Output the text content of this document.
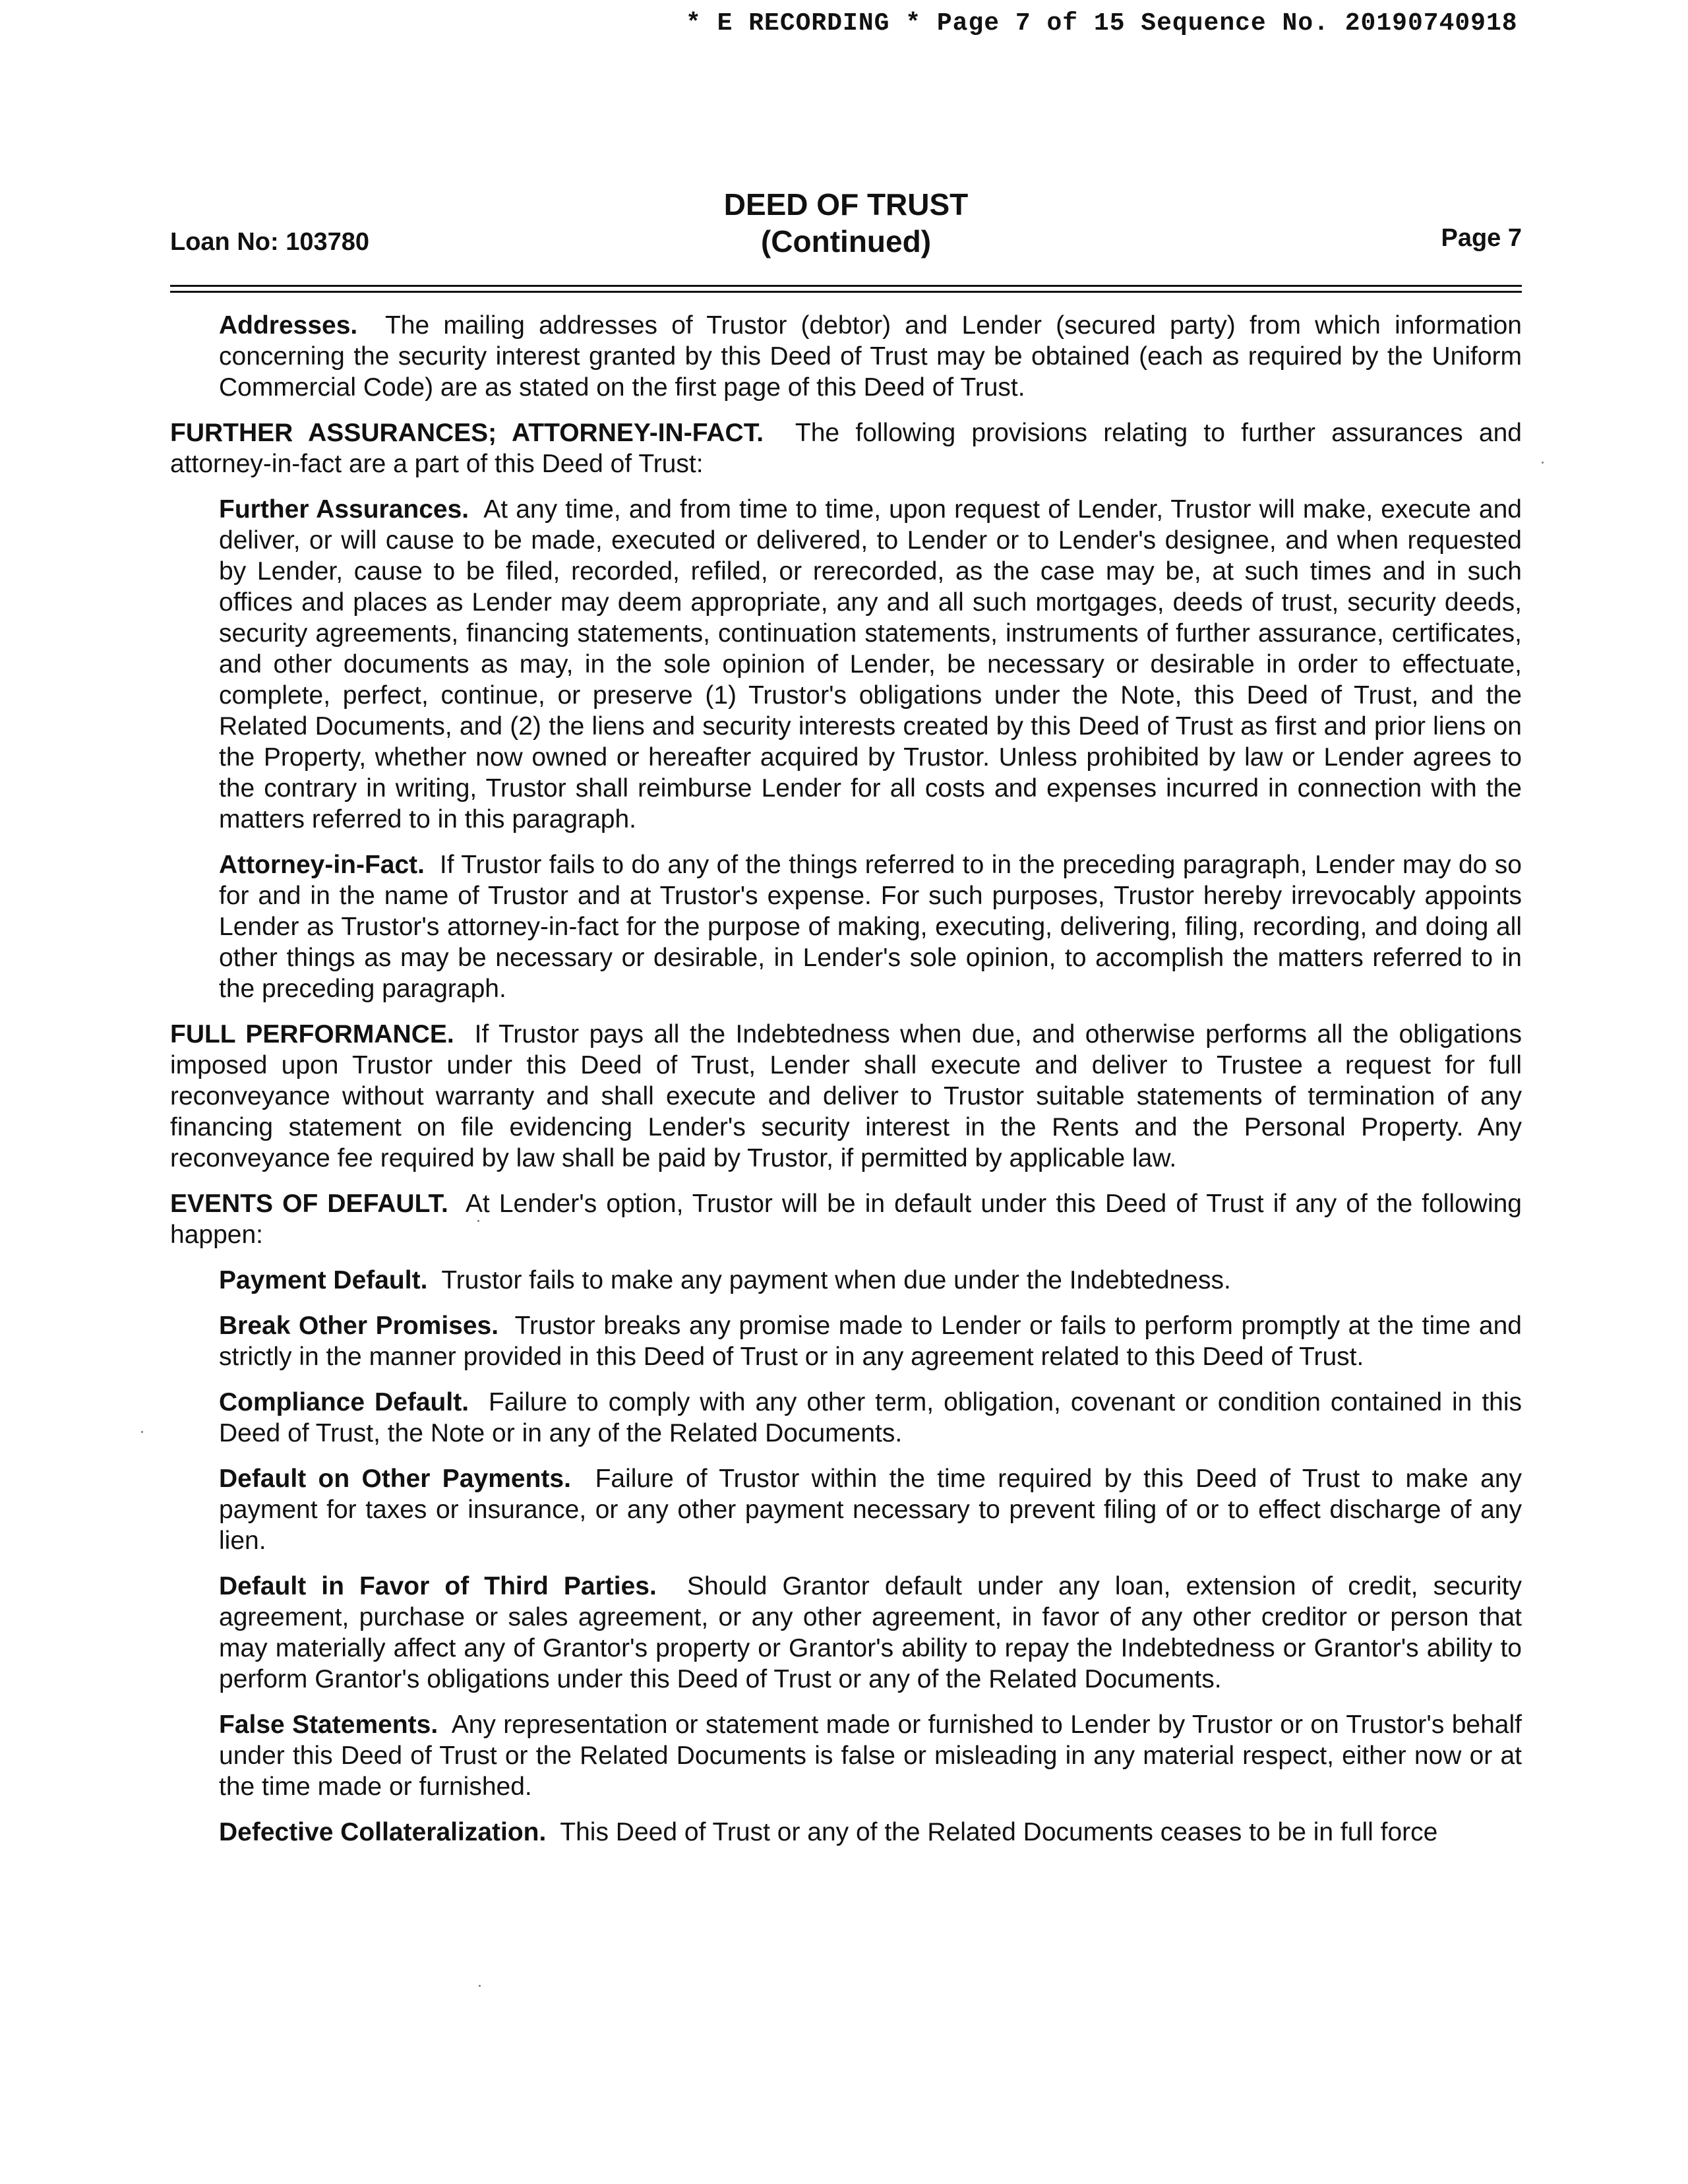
* E RECORDING * Page 7 of 15 Sequence No. 20190740918
Loan No: 103780
DEED OF TRUST
(Continued)	Page 7

Addresses. The mailing addresses of Trustor (debtor) and Lender (secured party) from which information concerning the security interest granted by this Deed of Trust may be obtained (each as required by the Uniform Commercial Code) are as stated on the first page of this Deed of Trust.

FURTHER ASSURANCES; ATTORNEY-IN-FACT. The following provisions relating to further assurances and attorney-in-fact are a part of this Deed of Trust:

Further Assurances. At any time, and from time to time, upon request of Lender, Trustor will make, execute and deliver, or will cause to be made, executed or delivered, to Lender or to Lender's designee, and when requested by Lender, cause to be filed, recorded, refiled, or rerecorded, as the case may be, at such times and in such offices and places as Lender may deem appropriate, any and all such mortgages, deeds of trust, security deeds, security agreements, financing statements, continuation statements, instruments of further assurance, certificates, and other documents as may, in the sole opinion of Lender, be necessary or desirable in order to effectuate, complete, perfect, continue, or preserve (1) Trustor's obligations under the Note, this Deed of Trust, and the Related Documents, and (2) the liens and security interests created by this Deed of Trust as first and prior liens on the Property, whether now owned or hereafter acquired by Trustor. Unless prohibited by law or Lender agrees to the contrary in writing, Trustor shall reimburse Lender for all costs and expenses incurred in connection with the matters referred to in this paragraph.

Attorney-in-Fact. If Trustor fails to do any of the things referred to in the preceding paragraph, Lender may do so for and in the name of Trustor and at Trustor's expense. For such purposes, Trustor hereby irrevocably appoints Lender as Trustor's attorney-in-fact for the purpose of making, executing, delivering, filing, recording, and doing all other things as may be necessary or desirable, in Lender's sole opinion, to accomplish the matters referred to in the preceding paragraph.

FULL PERFORMANCE. If Trustor pays all the Indebtedness when due, and otherwise performs all the obligations imposed upon Trustor under this Deed of Trust, Lender shall execute and deliver to Trustee a request for full reconveyance without warranty and shall execute and deliver to Trustor suitable statements of termination of any financing statement on file evidencing Lender's security interest in the Rents and the Personal Property. Any reconveyance fee required by law shall be paid by Trustor, if permitted by applicable law.

EVENTS OF DEFAULT. At Lender's option, Trustor will be in default under this Deed of Trust if any of the following happen:

Payment Default. Trustor fails to make any payment when due under the Indebtedness.

Break Other Promises. Trustor breaks any promise made to Lender or fails to perform promptly at the time and strictly in the manner provided in this Deed of Trust or in any agreement related to this Deed of Trust.

Compliance Default. Failure to comply with any other term, obligation, covenant or condition contained in this Deed of Trust, the Note or in any of the Related Documents.

Default on Other Payments. Failure of Trustor within the time required by this Deed of Trust to make any payment for taxes or insurance, or any other payment necessary to prevent filing of or to effect discharge of any lien.

Default in Favor of Third Parties. Should Grantor default under any loan, extension of credit, security agreement, purchase or sales agreement, or any other agreement, in favor of any other creditor or person that may materially affect any of Grantor's property or Grantor's ability to repay the Indebtedness or Grantor's ability to perform Grantor's obligations under this Deed of Trust or any of the Related Documents.

False Statements. Any representation or statement made or furnished to Lender by Trustor or on Trustor's behalf under this Deed of Trust or the Related Documents is false or misleading in any material respect, either now or at the time made or furnished.

Defective Collateralization. This Deed of Trust or any of the Related Documents ceases to be in full force
